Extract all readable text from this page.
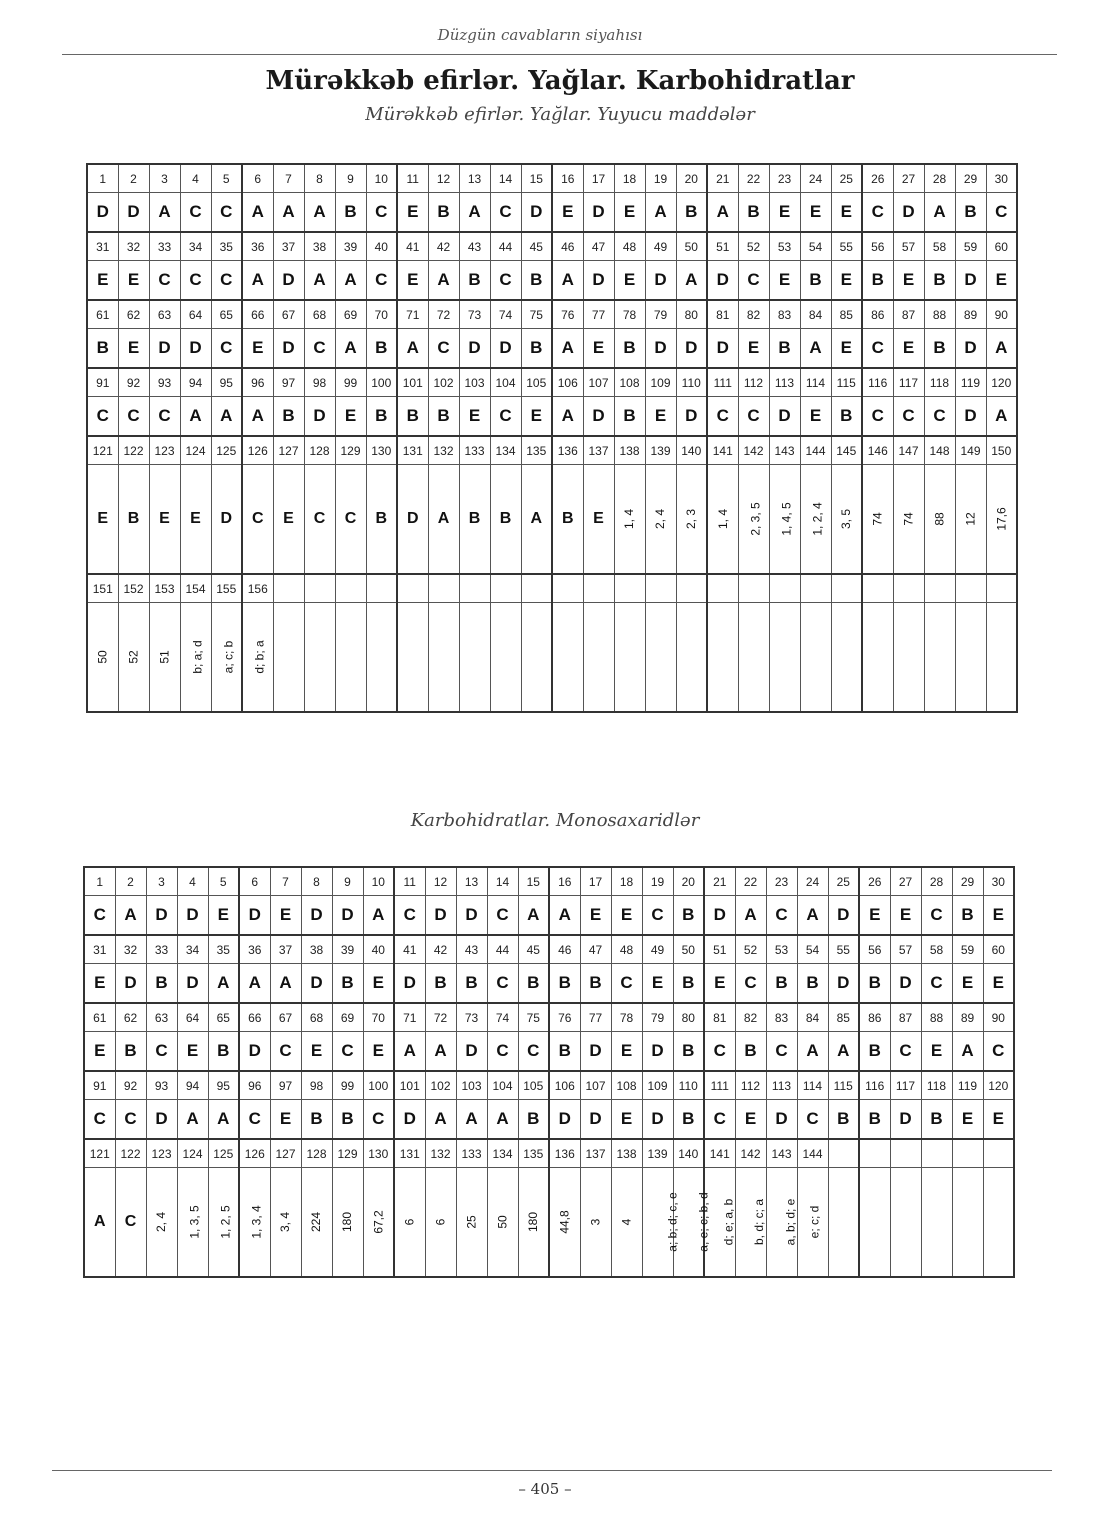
Düzgün cavabların siyahısı
Mürəkkəb efirlər. Yağlar. Karbohidratlar
Mürəkkəb efirlər. Yağlar. Yuyucu maddələr
1	2	3	4	5	6	7	8	9	10	11	12	13	14	15	16	17	18	19	20	21	22	23	24	25	26	27	28	29	30
D	D	A	C	C	A	A	A	B	C	E	B	A	C	D	E	D	E	A	B	A	B	E	E	E	C	D	A	B	C
31	32	33	34	35	36	37	38	39	40	41	42	43	44	45	46	47	48	49	50	51	52	53	54	55	56	57	58	59	60
E	E	C	C	C	A	D	A	A	C	E	A	B	C	B	A	D	E	D	A	D	C	E	B	E	B	E	B	D	E
61	62	63	64	65	66	67	68	69	70	71	72	73	74	75	76	77	78	79	80	81	82	83	84	85	86	87	88	89	90
B	E	D	D	C	E	D	C	A	B	A	C	D	D	B	A	E	B	D	D	D	E	B	A	E	C	E	B	D	A
91	92	93	94	95	96	97	98	99	100	101	102	103	104	105	106	107	108	109	110	111	112	113	114	115	116	117	118	119	120
C	C	C	A	A	A	B	D	E	B	B	B	E	C	E	A	D	B	E	D	C	C	D	E	B	C	C	C	D	A
121	122	123	124	125	126	127	128	129	130	131	132	133	134	135	136	137	138	139	140	141	142	143	144	145	146	147	148	149	150
E	B	E	E	D	C	E	C	C	B	D	A	B	B	A	B	E	1, 4	2, 4	2, 3	1, 4	2, 3, 5	1, 4, 5	1, 2, 4	3, 5	74	74	88	12	17,6
151	152	153	154	155	156																								
50	52	51	b; a; d	a; c; b	d; b; a																								
Karbohidratlar. Monosaxaridlər
1	2	3	4	5	6	7	8	9	10	11	12	13	14	15	16	17	18	19	20	21	22	23	24	25	26	27	28	29	30
C	A	D	D	E	D	E	D	D	A	C	D	D	C	A	A	E	E	C	B	D	A	C	A	D	E	E	C	B	E
31	32	33	34	35	36	37	38	39	40	41	42	43	44	45	46	47	48	49	50	51	52	53	54	55	56	57	58	59	60
E	D	B	D	A	A	A	D	B	E	D	B	B	C	B	B	B	C	E	B	E	C	B	B	D	B	D	C	E	E
61	62	63	64	65	66	67	68	69	70	71	72	73	74	75	76	77	78	79	80	81	82	83	84	85	86	87	88	89	90
E	B	C	E	B	D	C	E	C	E	A	A	D	C	C	B	D	E	D	B	C	B	C	A	A	B	C	E	A	C
91	92	93	94	95	96	97	98	99	100	101	102	103	104	105	106	107	108	109	110	111	112	113	114	115	116	117	118	119	120
C	C	D	A	A	C	E	B	B	C	D	A	A	A	B	D	D	E	D	B	C	E	D	C	B	B	D	B	E	E
121	122	123	124	125	126	127	128	129	130	131	132	133	134	135	136	137	138	139	140	141	142	143	144						
A	C	2, 4	1, 3, 5	1, 2, 5	1, 3, 4	3, 4	224	180	67,2	6	6	25	50	180	44,8	3	4	a; b; d; c, e	a, e; c; b, d	d; e; a, b	b, d; c; a	a, b; d; e	e; c; d						
– 405 –
